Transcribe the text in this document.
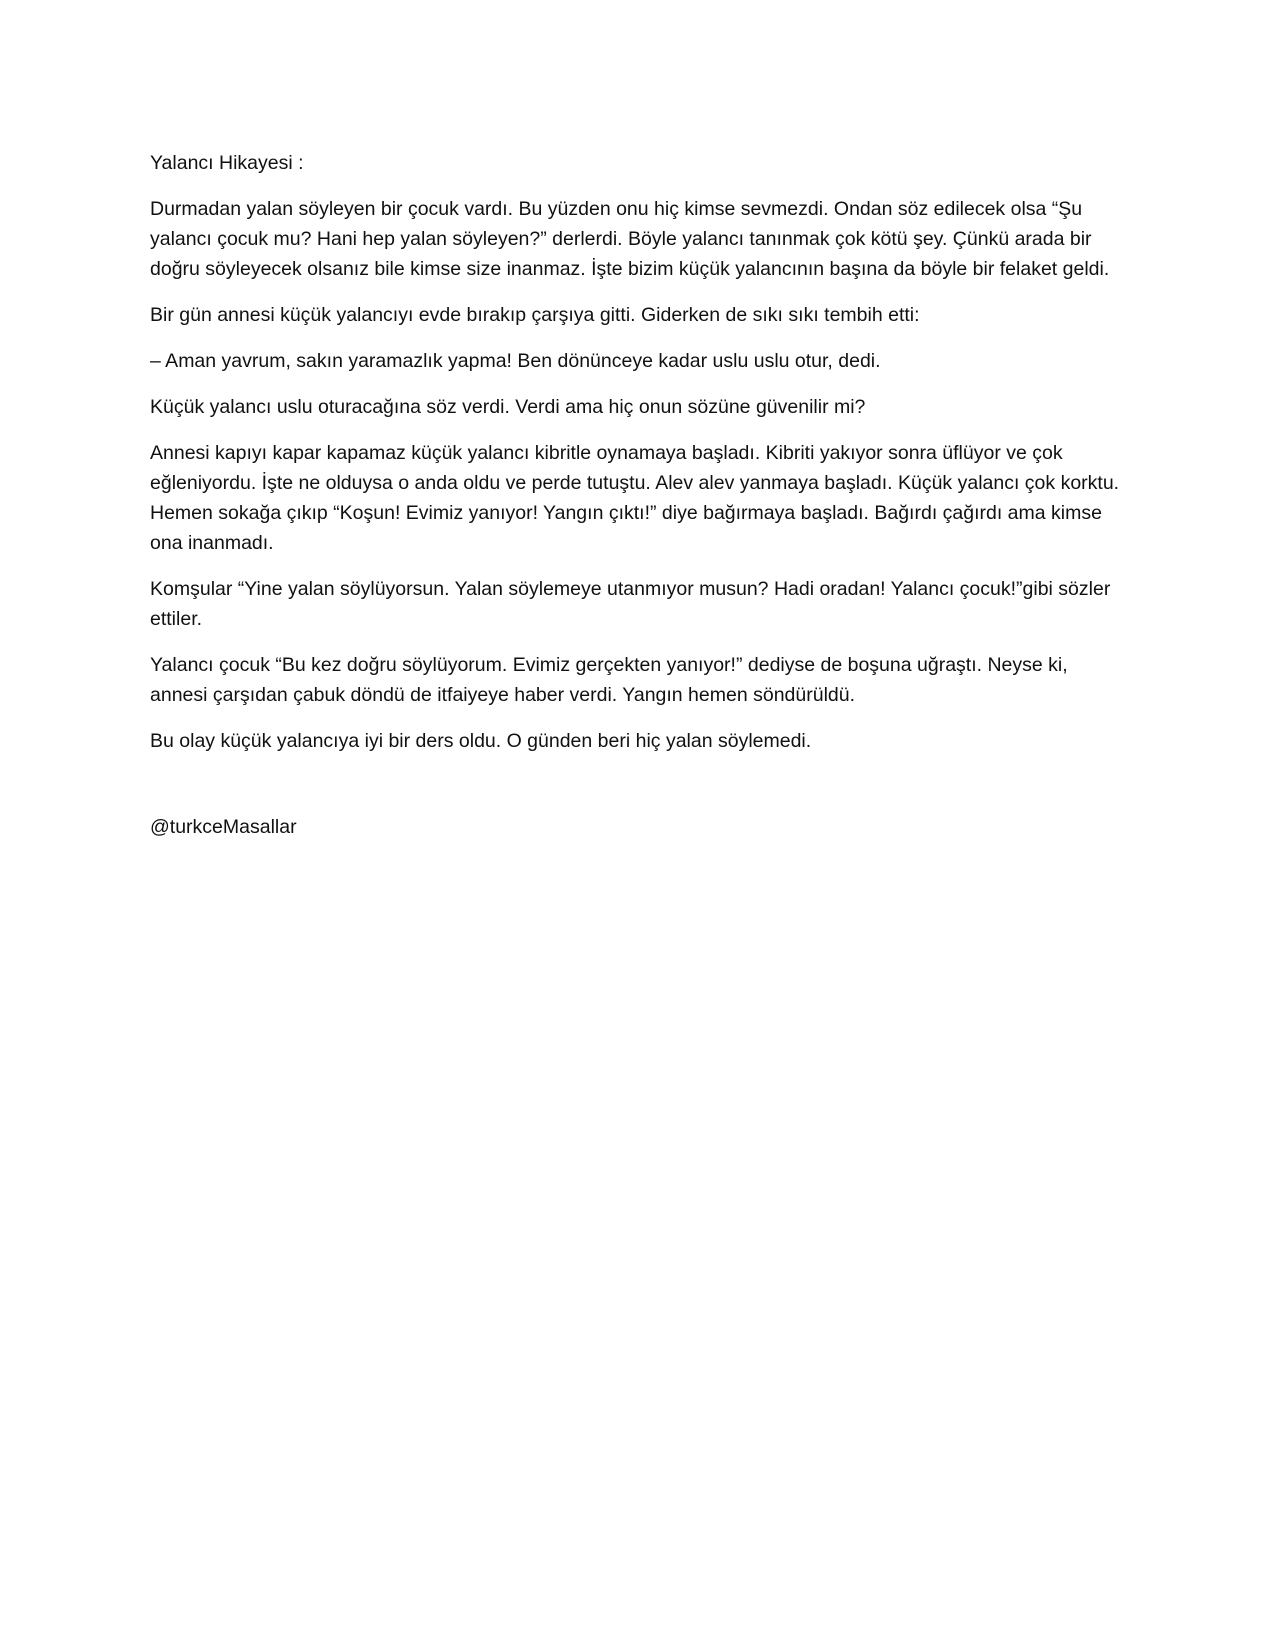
Yalancı Hikayesi :

Durmadan yalan söyleyen bir çocuk vardı. Bu yüzden onu hiç kimse sevmezdi. Ondan söz edilecek olsa “Şu yalancı çocuk mu? Hani hep yalan söyleyen?” derlerdi. Böyle yalancı tanınmak çok kötü şey. Çünkü arada bir doğru söyleyecek olsanız bile kimse size inanmaz. İşte bizim küçük yalancının başına da böyle bir felaket geldi.

Bir gün annesi küçük yalancıyı evde bırakıp çarşıya gitti. Giderken de sıkı sıkı tembih etti:

– Aman yavrum, sakın yaramazlık yapma! Ben dönünceye kadar uslu uslu otur, dedi.

Küçük yalancı uslu oturacağına söz verdi. Verdi ama hiç onun sözüne güvenilir mi?

Annesi kapıyı kapar kapamaz küçük yalancı kibritle oynamaya başladı. Kibriti yakıyor sonra üflüyor ve çok eğleniyordu. İşte ne olduysa o anda oldu ve perde tutuştu. Alev alev yanmaya başladı. Küçük yalancı çok korktu. Hemen sokağa çıkıp “Koşun! Evimiz yanıyor! Yangın çıktı!” diye bağırmaya başladı. Bağırdı çağırdı ama kimse ona inanmadı.

Komşular “Yine yalan söylüyorsun. Yalan söylemeye utanmıyor musun? Hadi oradan! Yalancı çocuk!”gibi sözler ettiler.

Yalancı çocuk “Bu kez doğru söylüyorum. Evimiz gerçekten yanıyor!” dediyse de boşuna uğraştı. Neyse ki, annesi çarşıdan çabuk döndü de itfaiyeye haber verdi. Yangın hemen söndürüldü.

Bu olay küçük yalancıya iyi bir ders oldu. O günden beri hiç yalan söylemedi.

@turkceMasallar
